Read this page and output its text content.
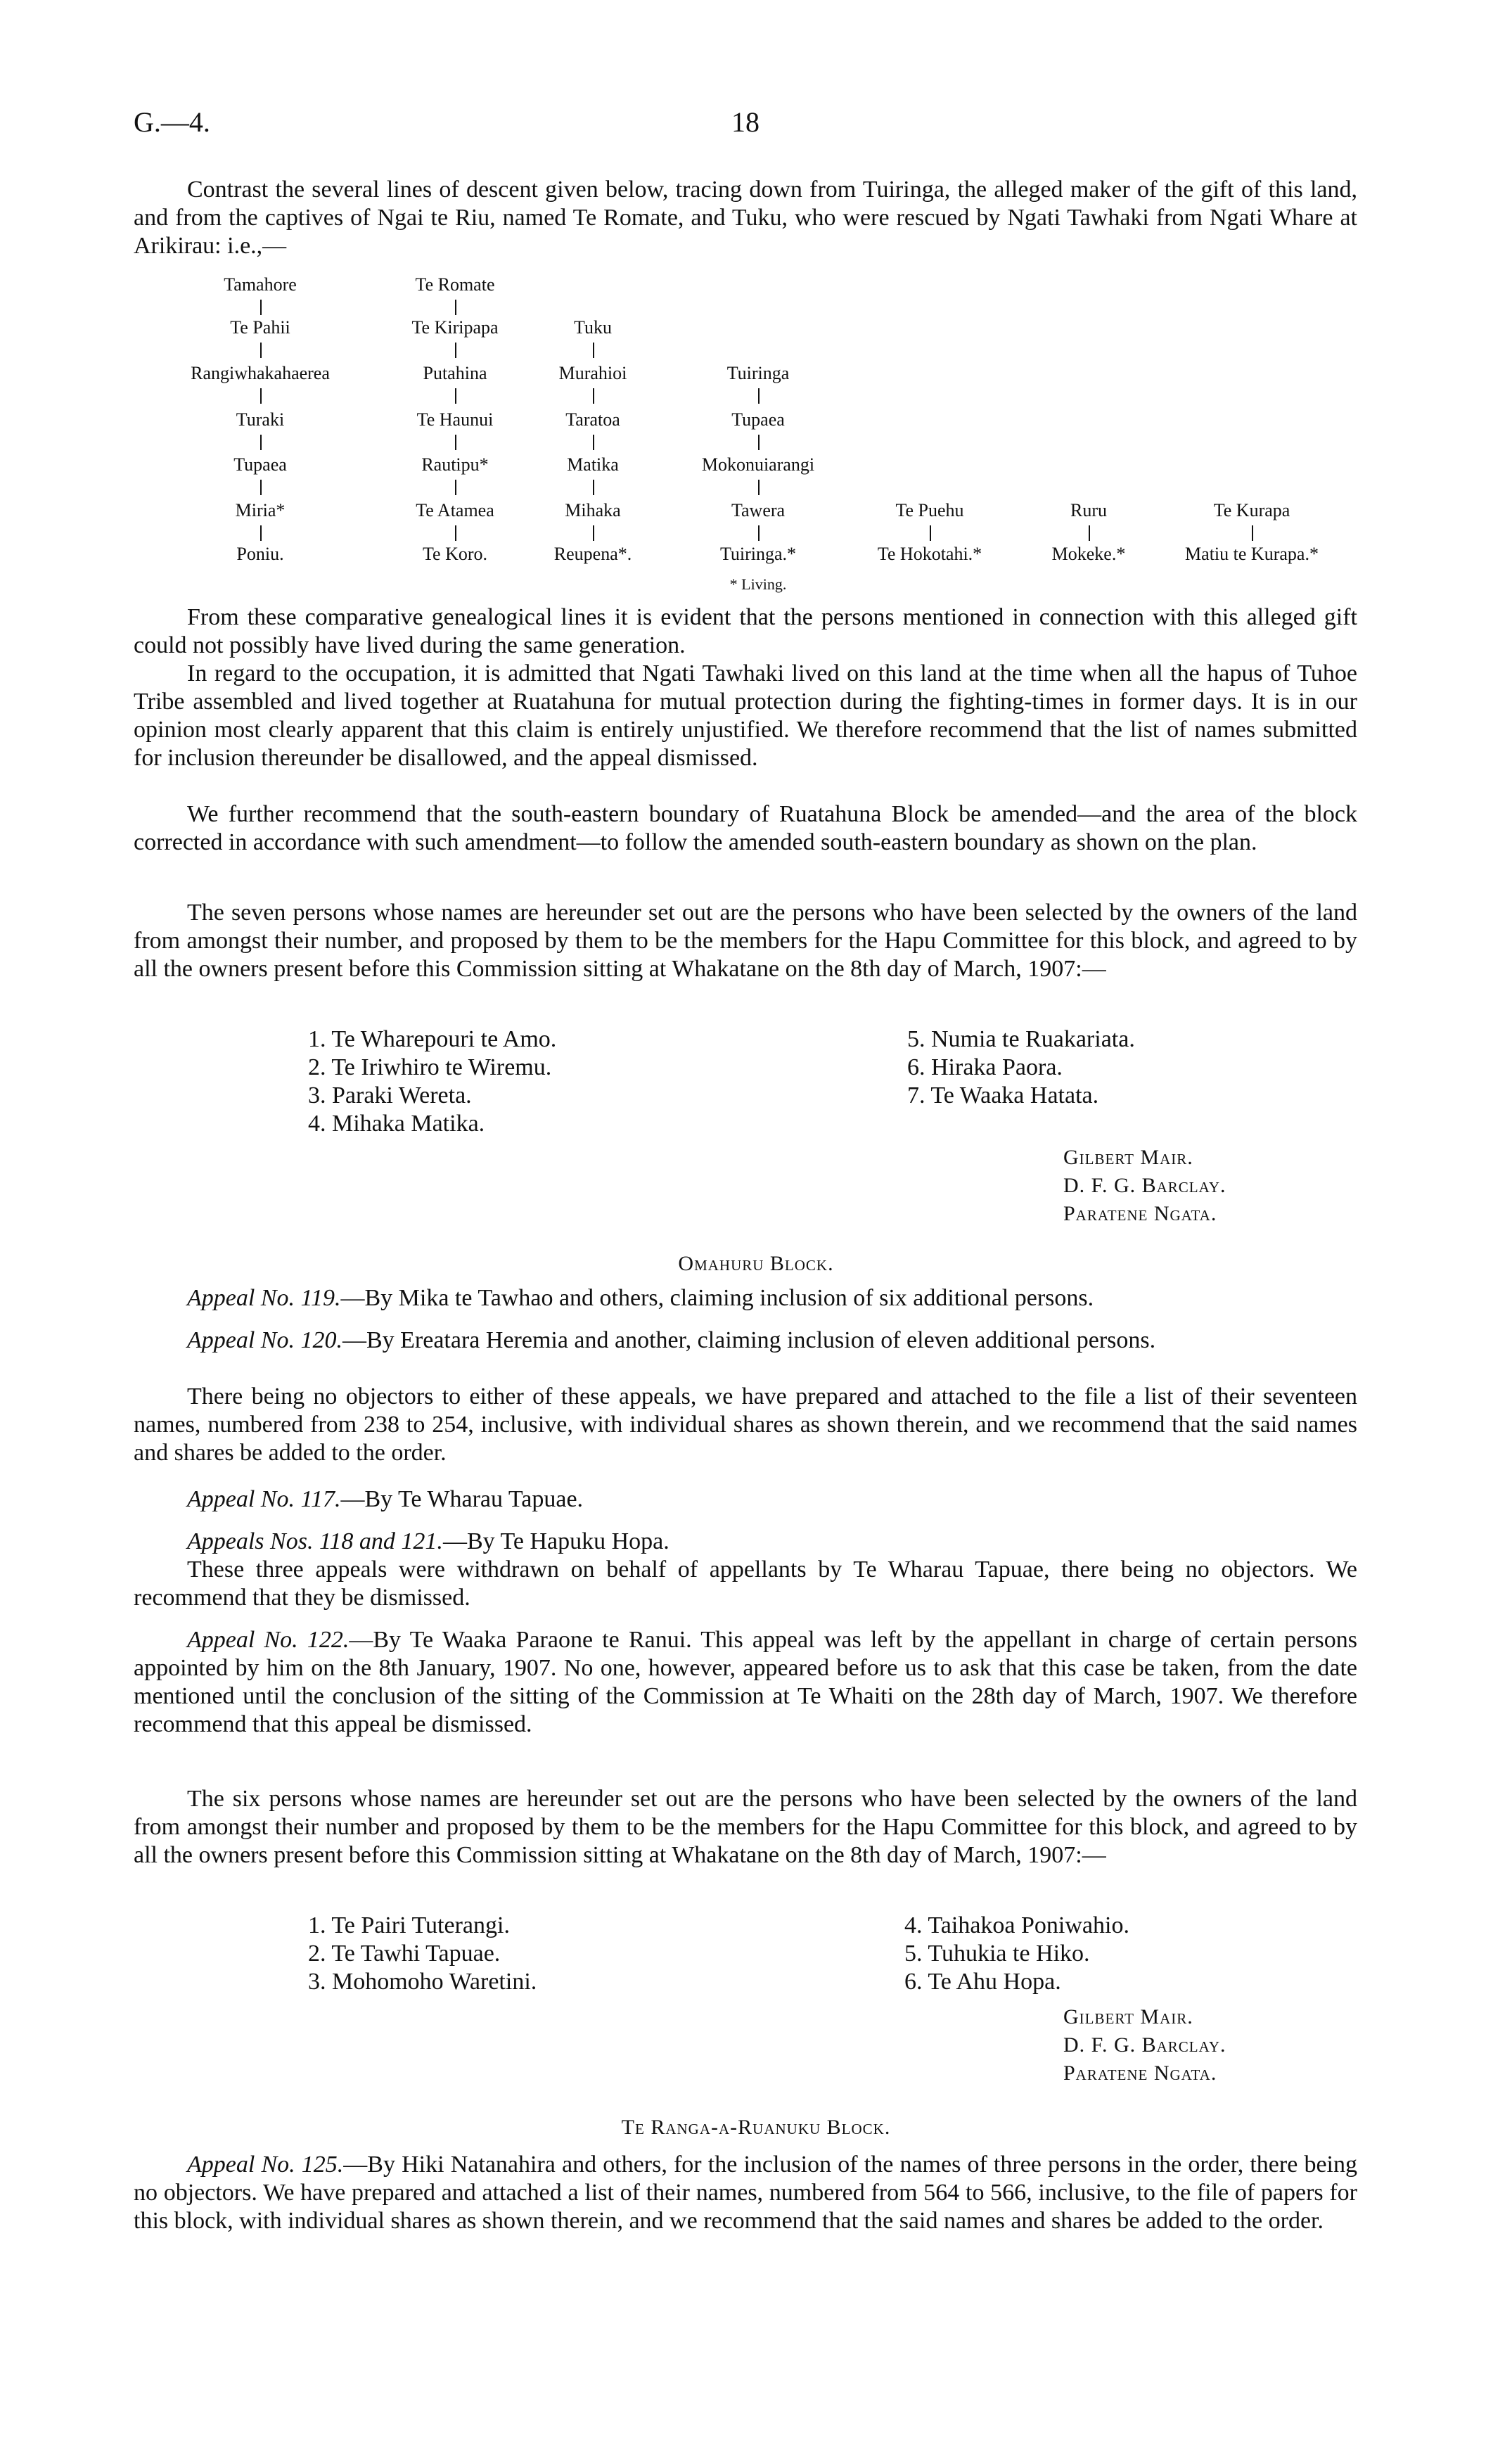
G.—4.	18
Contrast the several lines of descent given below, tracing down from Tuiringa, the alleged maker of the gift of this land, and from the captives of Ngai te Riu, named Te Romate, and Tuku, who were rescued by Ngati Tawhaki from Ngati Whare at Arikirau: i.e.,—
Tamahore
Te Pahii
Rangiwhakahaerea
Turaki
Tupaea
Miria*
Poniu.
Te Romate
Te Kiripapa
Putahina
Te Haunui
Rautipu*
Te Atamea
Te Koro.
Tuku
Murahioi
Taratoa
Matika
Mihaka
Reupena*.
Tuiringa
Tupaea
Mokonuiarangi
Tawera
Tuiringa.*
Te Puehu
Te Hokotahi.*
Ruru
Mokeke.*
Te Kurapa
Matiu te Kurapa.*
* Living.
From these comparative genealogical lines it is evident that the persons mentioned in connection with this alleged gift could not possibly have lived during the same generation.
In regard to the occupation, it is admitted that Ngati Tawhaki lived on this land at the time when all the hapus of Tuhoe Tribe assembled and lived together at Ruatahuna for mutual protection during the fighting-times in former days. It is in our opinion most clearly apparent that this claim is entirely unjustified. We therefore recommend that the list of names submitted for inclusion thereunder be disallowed, and the appeal dismissed.
We further recommend that the south-eastern boundary of Ruatahuna Block be amended—and the area of the block corrected in accordance with such amendment—to follow the amended south-eastern boundary as shown on the plan.
The seven persons whose names are hereunder set out are the persons who have been selected by the owners of the land from amongst their number, and proposed by them to be the members for the Hapu Committee for this block, and agreed to by all the owners present before this Commission sitting at Whakatane on the 8th day of March, 1907:—
1. Te Wharepouri te Amo.
2. Te Iriwhiro te Wiremu.
3. Paraki Wereta.
4. Mihaka Matika.
5. Numia te Ruakariata.
6. Hiraka Paora.
7. Te Waaka Hatata.
Gilbert Mair.
D. F. G. Barclay.
Paratene Ngata.
Omahuru Block.
Appeal No. 119.—By Mika te Tawhao and others, claiming inclusion of six additional persons.
Appeal No. 120.—By Ereatara Heremia and another, claiming inclusion of eleven additional persons.
There being no objectors to either of these appeals, we have prepared and attached to the file a list of their seventeen names, numbered from 238 to 254, inclusive, with individual shares as shown therein, and we recommend that the said names and shares be added to the order.
Appeal No. 117.—By Te Wharau Tapuae.
Appeals Nos. 118 and 121.—By Te Hapuku Hopa.
These three appeals were withdrawn on behalf of appellants by Te Wharau Tapuae, there being no objectors. We recommend that they be dismissed.
Appeal No. 122.—By Te Waaka Paraone te Ranui. This appeal was left by the appellant in charge of certain persons appointed by him on the 8th January, 1907. No one, however, appeared before us to ask that this case be taken, from the date mentioned until the conclusion of the sitting of the Commission at Te Whaiti on the 28th day of March, 1907. We therefore recommend that this appeal be dismissed.
The six persons whose names are hereunder set out are the persons who have been selected by the owners of the land from amongst their number and proposed by them to be the members for the Hapu Committee for this block, and agreed to by all the owners present before this Commission sitting at Whakatane on the 8th day of March, 1907:—
1. Te Pairi Tuterangi.
2. Te Tawhi Tapuae.
3. Mohomoho Waretini.
4. Taihakoa Poniwahio.
5. Tuhukia te Hiko.
6. Te Ahu Hopa.
Gilbert Mair.
D. F. G. Barclay.
Paratene Ngata.
Te Ranga-a-Ruanuku Block.
Appeal No. 125.—By Hiki Natanahira and others, for the inclusion of the names of three persons in the order, there being no objectors. We have prepared and attached a list of their names, numbered from 564 to 566, inclusive, to the file of papers for this block, with individual shares as shown therein, and we recommend that the said names and shares be added to the order.
